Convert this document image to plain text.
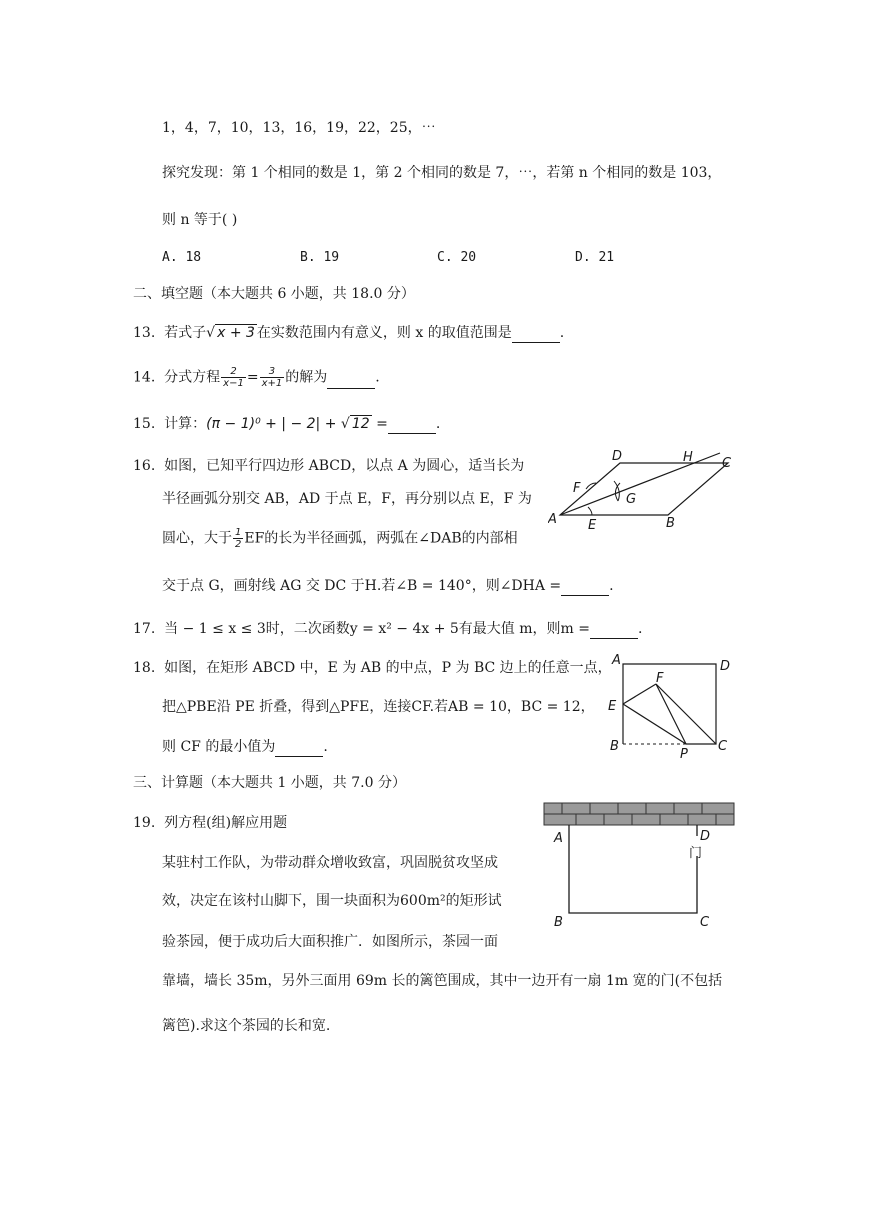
1，4，7，10，13，16，19，22，25，⋯
探究发现：第 1 个相同的数是 1，第 2 个相同的数是 7，⋯，若第 n 个相同的数是 103，
则 n 等于( )
A. 18	B. 19	C. 20	D. 21
二、填空题（本大题共 6 小题，共 18.0 分）
13. 若式子√ x + 3 在实数范围内有意义，则 x 的取值范围是	.
14. 分式方程 $\frac{2}{x-1} = \frac{3}{x+1}$ 的解为	.
15. 计算：(π − 1)⁰ + | − 2| + √ 12 =	.
16. 如图，已知平行四边形 ABCD，以点 A 为圆心，适当长为
半径画弧分别交 AB，AD 于点 E，F，再分别以点 E，F 为
圆心，大于 $\frac{1}{2}$ EF的长为半径画弧，两弧在∠DAB的内部相
交于点 G，画射线 AG 交 DC 于H.若∠B = 140°，则∠DHA =	.
A	B
C
D
E
F
G
H
17. 当 − 1 ≤ x ≤ 3时，二次函数y = x² − 4x + 5有最大值 m，则m =	.
18. 如图，在矩形 ABCD 中，E 为 AB 的中点，P 为 BC 边上的任意一点，
把△PBE沿 PE 折叠，得到△PFE，连接CF.若AB = 10，BC = 12，
则 CF 的最小值为	.
A
B	C
D
E
F
P
三、计算题（本大题共 1 小题，共 7.0 分）
19. 列方程(组)解应用题
某驻村工作队，为带动群众增收致富，巩固脱贫攻坚成
效，决定在该村山脚下，围一块面积为600m²的矩形试
验茶园，便于成功后大面积推广．如图所示，茶园一面
靠墙，墙长 35m，另外三面用 69m 长的篱笆围成，其中一边开有一扇 1m 宽的门(不包括
篱笆).求这个茶园的长和宽.
A
B	C
D
门
